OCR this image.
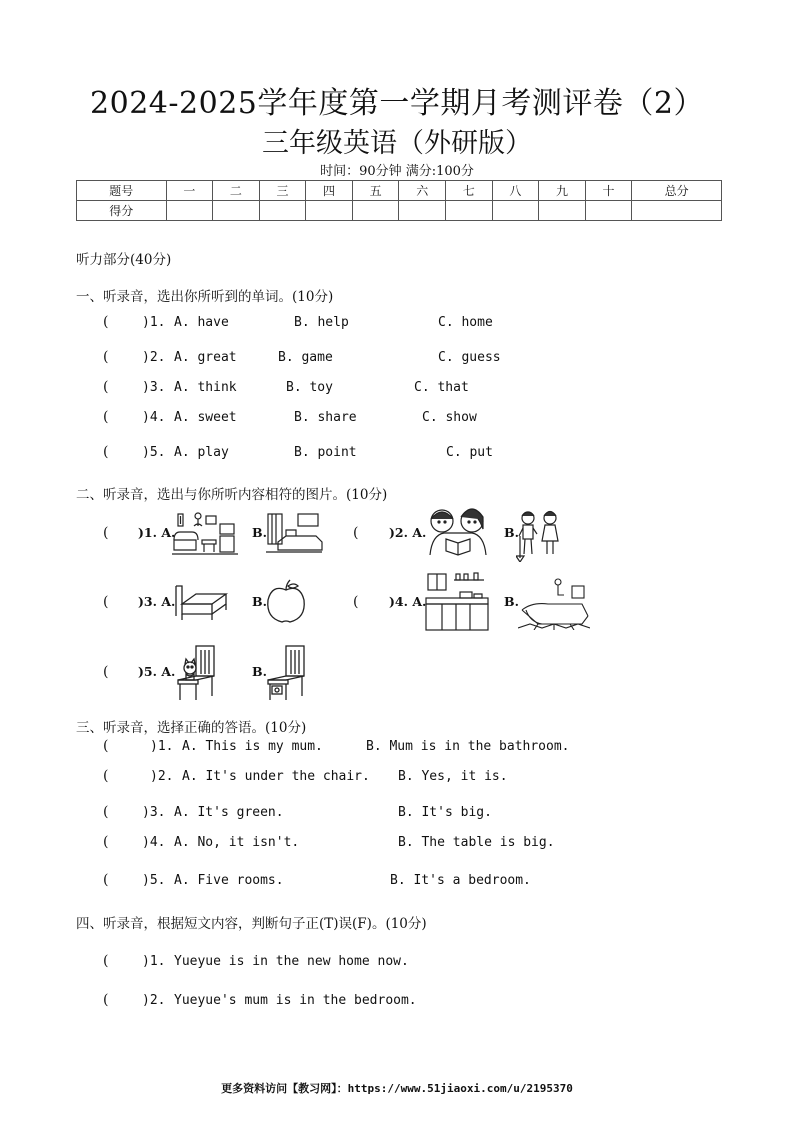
2024-2025学年度第一学期月考测评卷（2）
三年级英语（外研版）
时间：90分钟 满分:100分
题号	一	二	三	四	五	六	七	八	九	十	总分
得分											
听力部分(40分)
一、听录音，选出你所听到的单词。(10分)
(	)1. A. have	B. help	C. home
(	)2. A. great	B. game	C. guess
(	)3. A. think	B. toy	C. that
(	)4. A. sweet	B. share	C. show
(	)5. A. play	B. point	C. put
二、听录音，选出与你所听内容相符的图片。(10分)
( )1. A.	B.	( )2. A.	B.
( )3. A.	B.	( )4. A.	B.
( )5. A.	B.
三、听录音，选择正确的答语。(10分)
(	)1. A. This is my mum.	B. Mum is in the bathroom.
(	)2. A. It's under the chair. B. Yes, it is.
(	)3. A. It's green.	B. It's big.
(	)4. A. No, it isn't.	B. The table is big.
(	)5. A. Five rooms.	B. It's a bedroom.
四、听录音，根据短文内容，判断句子正(T)误(F)。(10分)
(	)1. Yueyue is in the new home now.
(	)2. Yueyue's mum is in the bedroom.
更多资料访问【教习网】：https://www.51jiaoxi.com/u/2195370
